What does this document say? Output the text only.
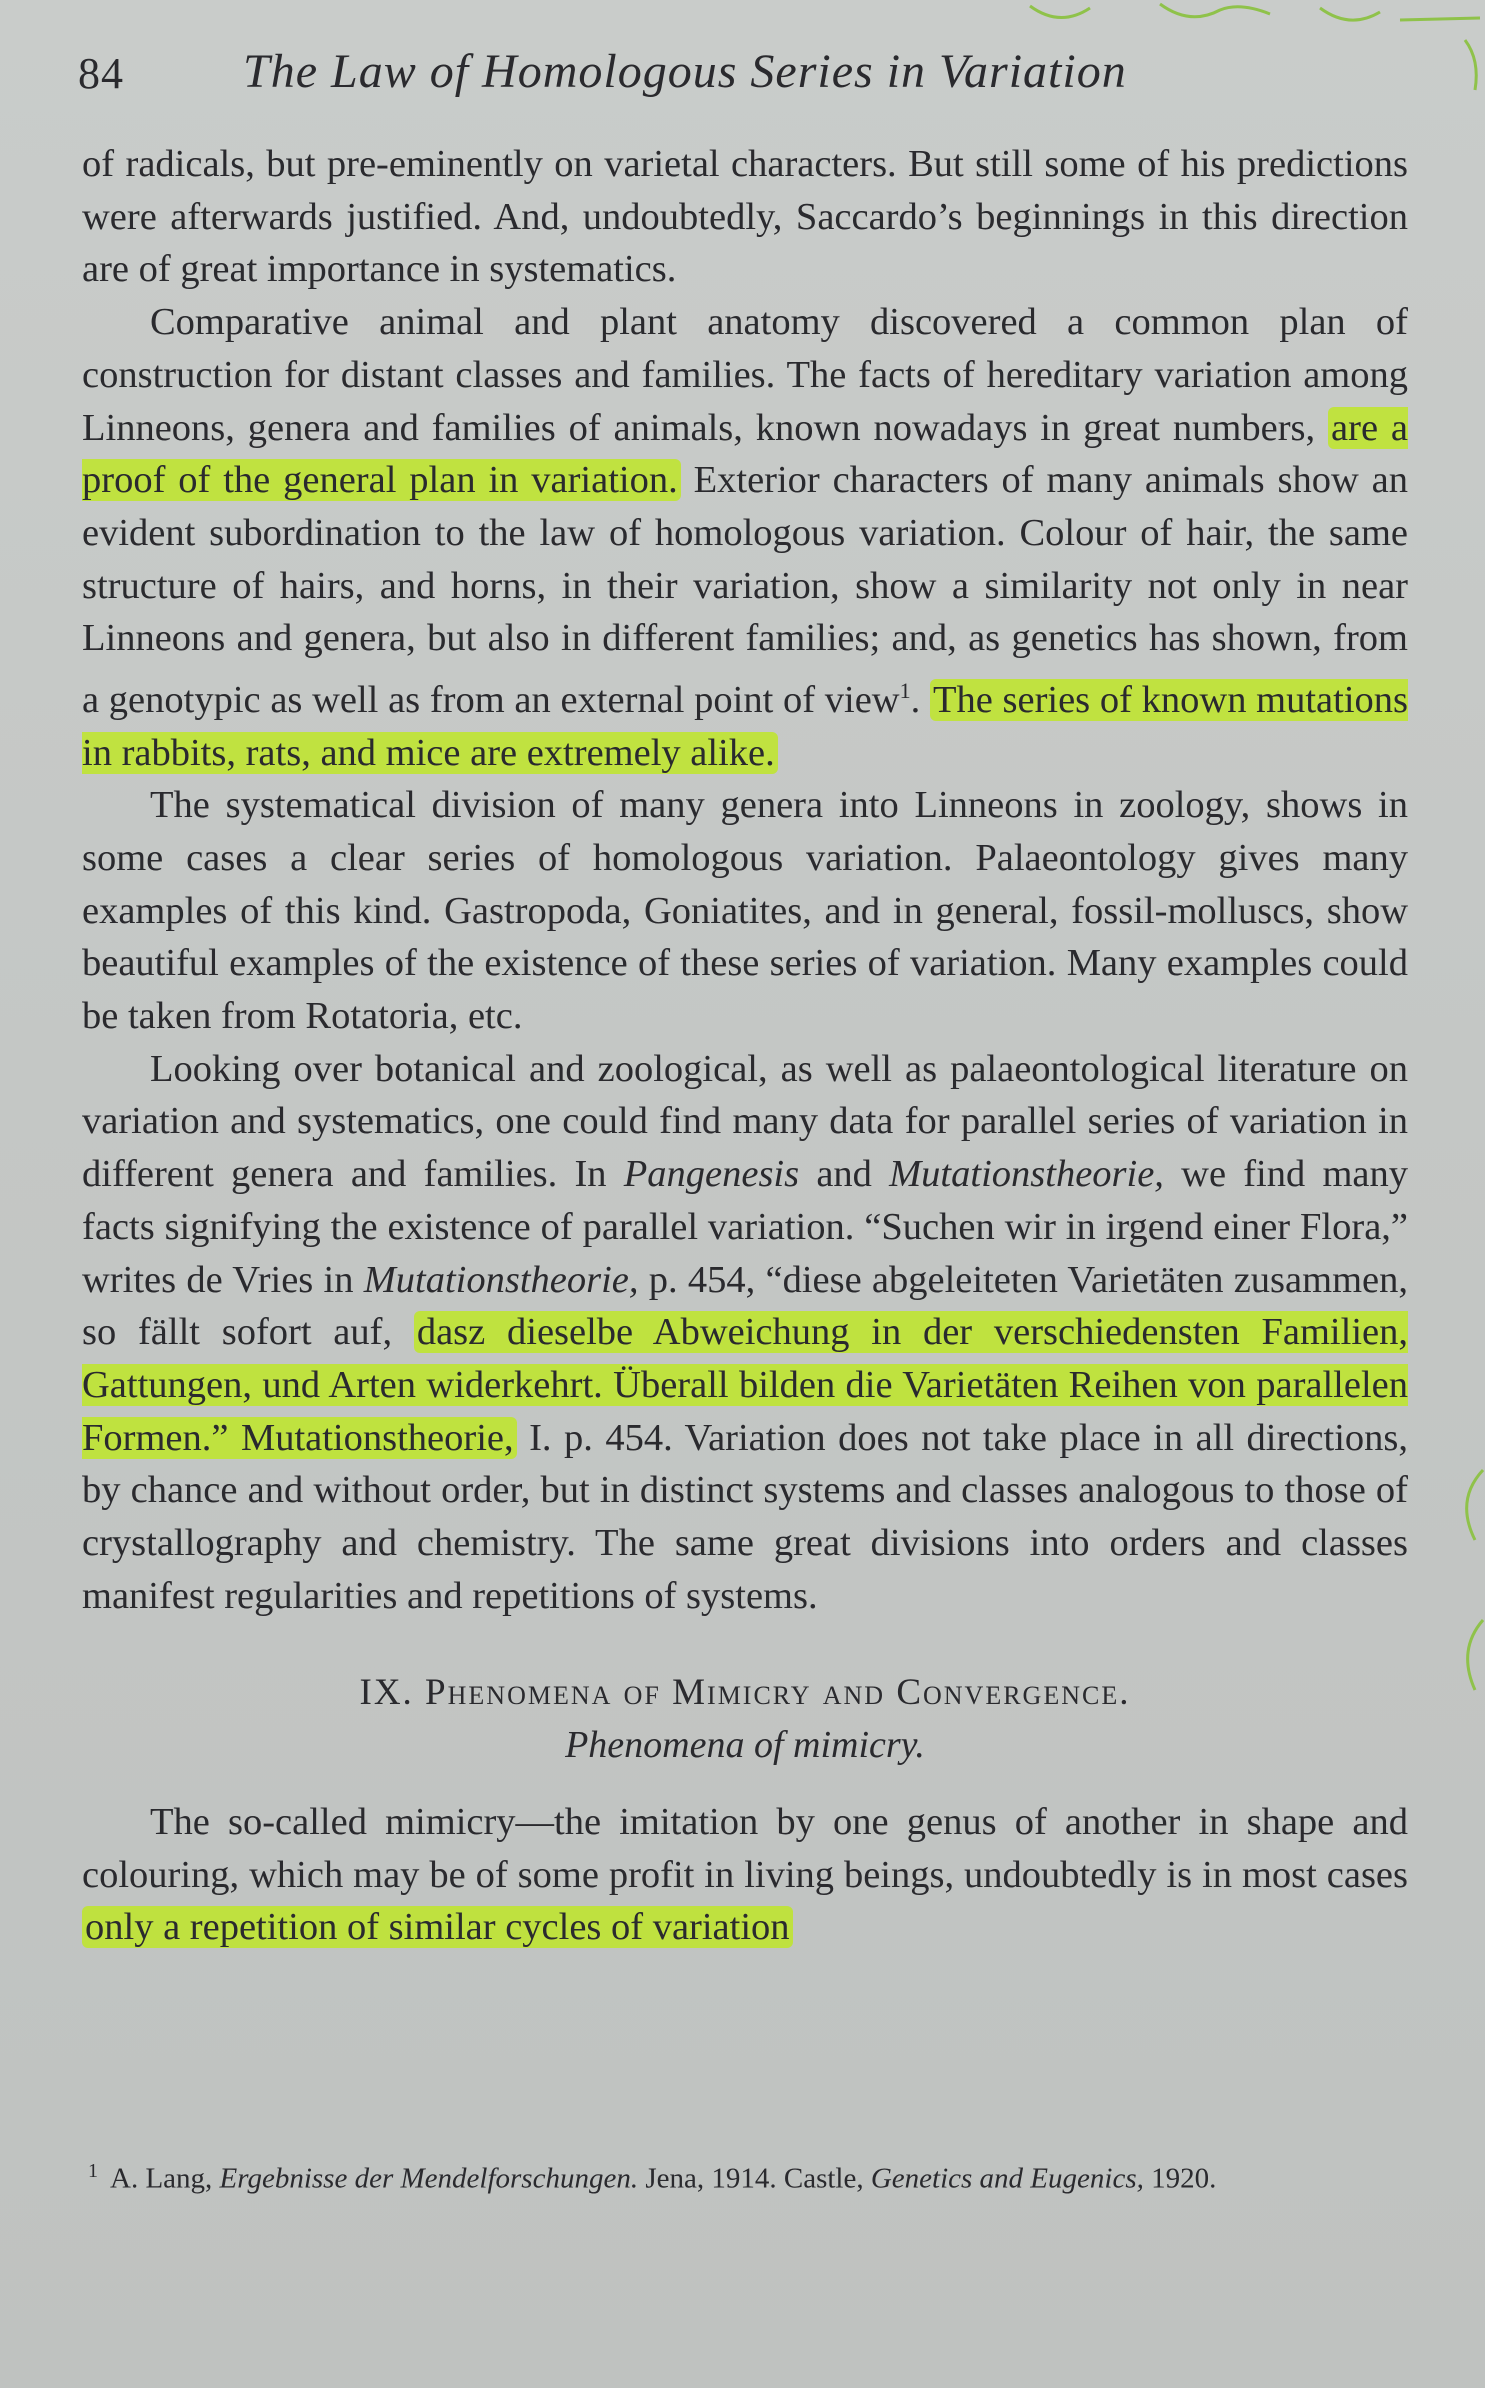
84 The Law of Homologous Series in Variation

of radicals, but pre-eminently on varietal characters. But still some of his predictions were afterwards justified. And, undoubtedly, Saccardo’s beginnings in this direction are of great importance in systematics.

Comparative animal and plant anatomy discovered a common plan of construction for distant classes and families. The facts of hereditary variation among Linneons, genera and families of animals, known nowadays in great numbers, are a proof of the general plan in variation. Exterior characters of many animals show an evident subordination to the law of homologous variation. Colour of hair, the same structure of hairs, and horns, in their variation, show a similarity not only in near Linneons and genera, but also in different families; and, as genetics has shown, from a genotypic as well as from an external point of view$^1$. The series of known mutations in rabbits, rats, and mice are extremely alike.

The systematical division of many genera into Linneons in zoology, shows in some cases a clear series of homologous variation. Palaeontology gives many examples of this kind. Gastropoda, Goniatites, and in general, fossil-molluscs, show beautiful examples of the existence of these series of variation. Many examples could be taken from Rotatoria, etc.

Looking over botanical and zoological, as well as palaeontological literature on variation and systematics, one could find many data for parallel series of variation in different genera and families. In Pangenesis and Mutationstheorie, we find many facts signifying the existence of parallel variation. “Suchen wir in irgend einer Flora,” writes de Vries in Mutationstheorie, p. 454, “diese abgeleiteten Varietäten zusammen, so fällt sofort auf, dasz dieselbe Abweichung in der verschiedensten Familien, Gattungen, und Arten widerkehrt. Überall bilden die Varietäten Reihen von parallelen Formen.” Mutationstheorie, I. p. 454. Variation does not take place in all directions, by chance and without order, but in distinct systems and classes analogous to those of crystallography and chemistry. The same great divisions into orders and classes manifest regularities and repetitions of systems.

IX. Phenomena of Mimicry and Convergence.

Phenomena of mimicry.

The so-called mimicry—the imitation by one genus of another in shape and colouring, which may be of some profit in living beings, undoubtedly is in most cases only a repetition of similar cycles of variation

$^1$ A. Lang, Ergebnisse der Mendelforschungen. Jena, 1914. Castle, Genetics and Eugenics, 1920.
